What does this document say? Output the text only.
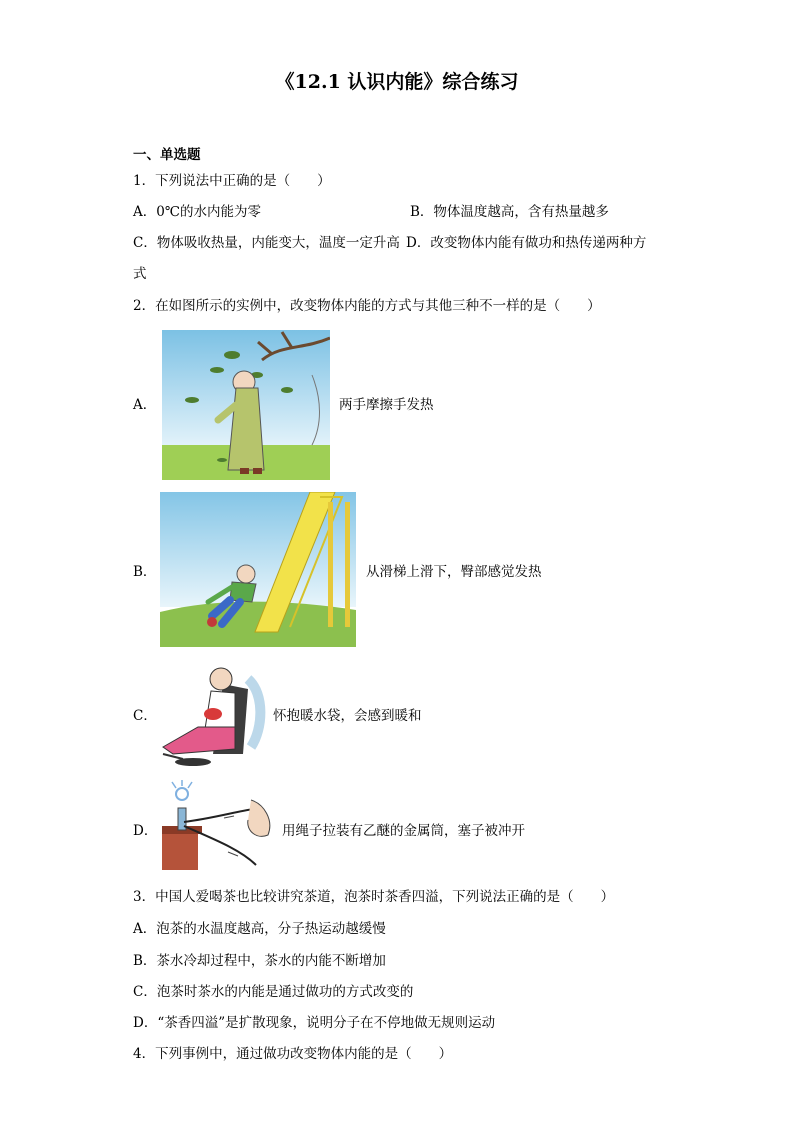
《12.1 认识内能》综合练习
一、单选题
1．下列说法中正确的是（　　）
A．0℃的水内能为零	B．物体温度越高，含有热量越多
C．物体吸收热量，内能变大，温度一定升高 D．改变物体内能有做功和热传递两种方
式
2．在如图所示的实例中，改变物体内能的方式与其他三种不一样的是（　　）
A．	两手摩擦手发热
B．	从滑梯上滑下，臀部感觉发热
C．	怀抱暖水袋，会感到暖和
D．	用绳子拉装有乙醚的金属筒，塞子被冲开
3．中国人爱喝茶也比较讲究茶道，泡茶时茶香四溢，下列说法正确的是（　　）
A．泡茶的水温度越高，分子热运动越缓慢
B．茶水冷却过程中，茶水的内能不断增加
C．泡茶时茶水的内能是通过做功的方式改变的
D．“茶香四溢”是扩散现象，说明分子在不停地做无规则运动
4．下列事例中，通过做功改变物体内能的是（　　）
